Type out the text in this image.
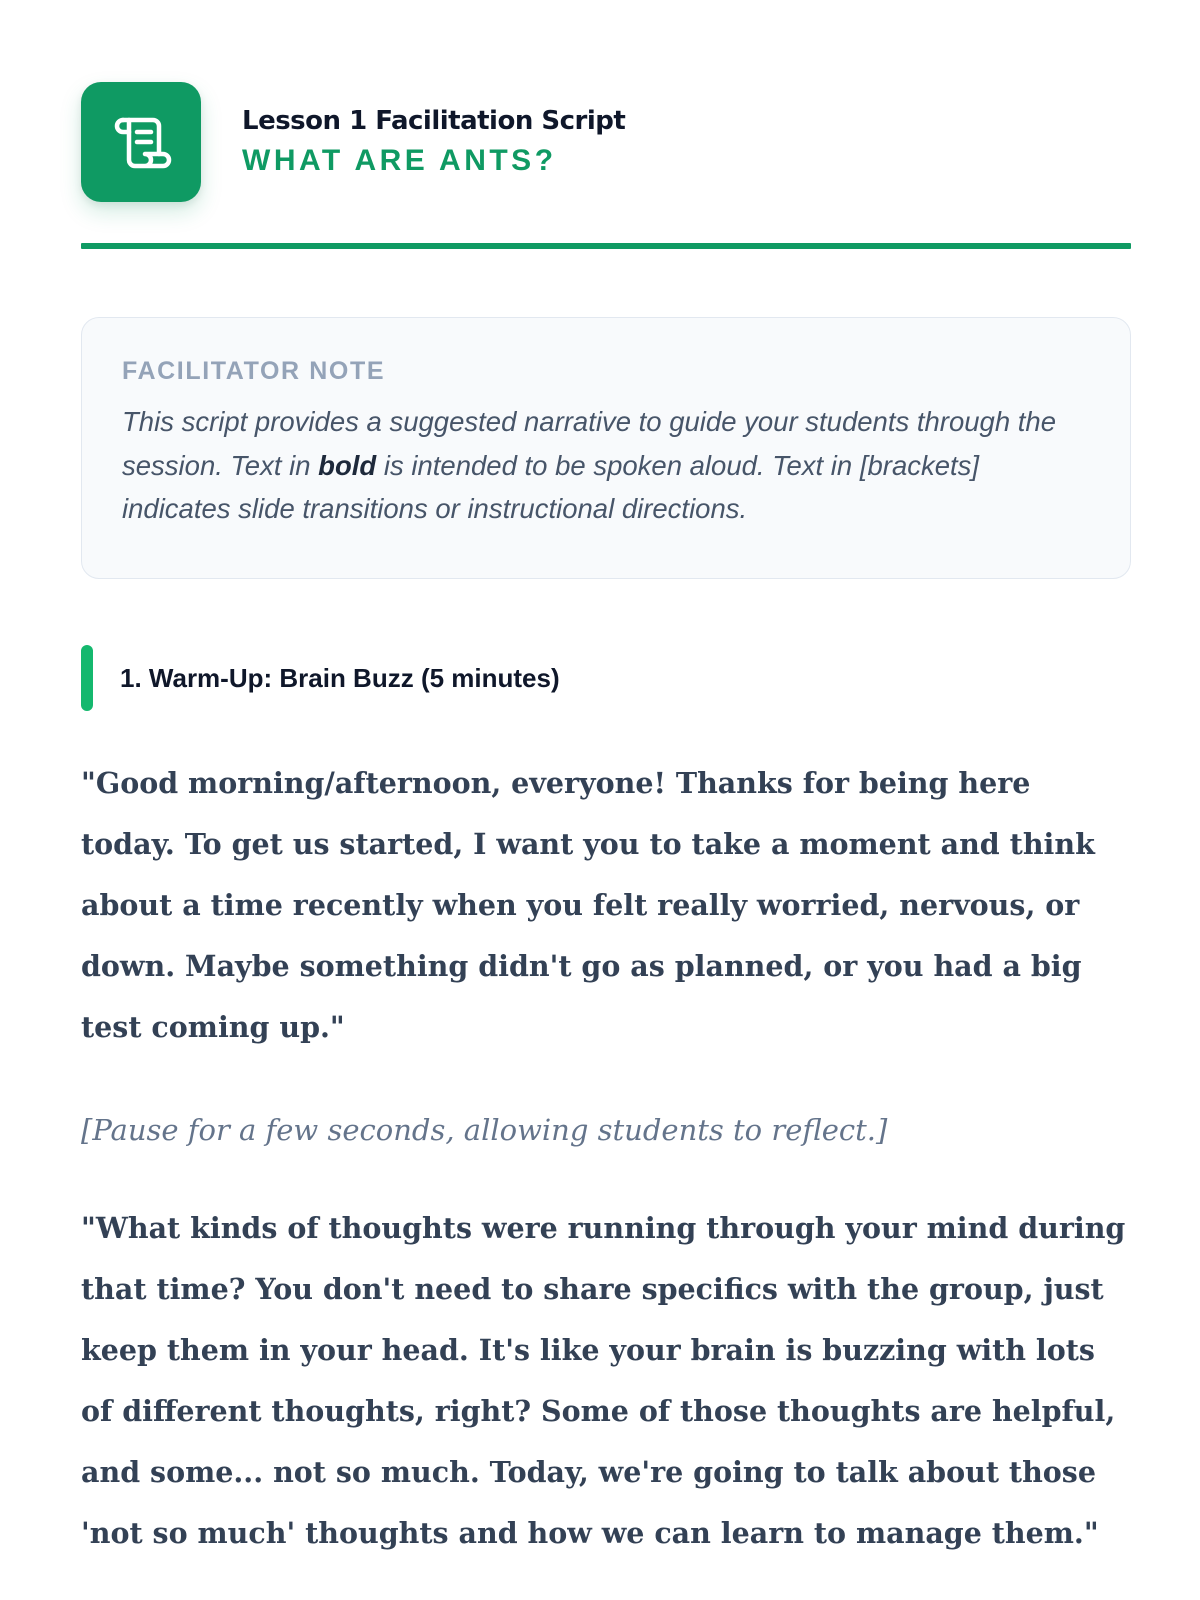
Lesson 1 Facilitation Script
WHAT ARE ANTS?
FACILITATOR NOTE
This script provides a suggested narrative to guide your students through the session. Text in bold is intended to be spoken aloud. Text in [brackets] indicates slide transitions or instructional directions.
1. Warm-Up: Brain Buzz (5 minutes)

"Good morning/afternoon, everyone! Thanks for being here today. To get us started, I want you to take a moment and think about a time recently when you felt really worried, nervous, or down. Maybe something didn't go as planned, or you had a big test coming up."

[Pause for a few seconds, allowing students to reflect.]

"What kinds of thoughts were running through your mind during that time? You don't need to share specifics with the group, just keep them in your head. It's like your brain is buzzing with lots of different thoughts, right? Some of those thoughts are helpful, and some... not so much. Today, we're going to talk about those 'not so much' thoughts and how we can learn to manage them."
